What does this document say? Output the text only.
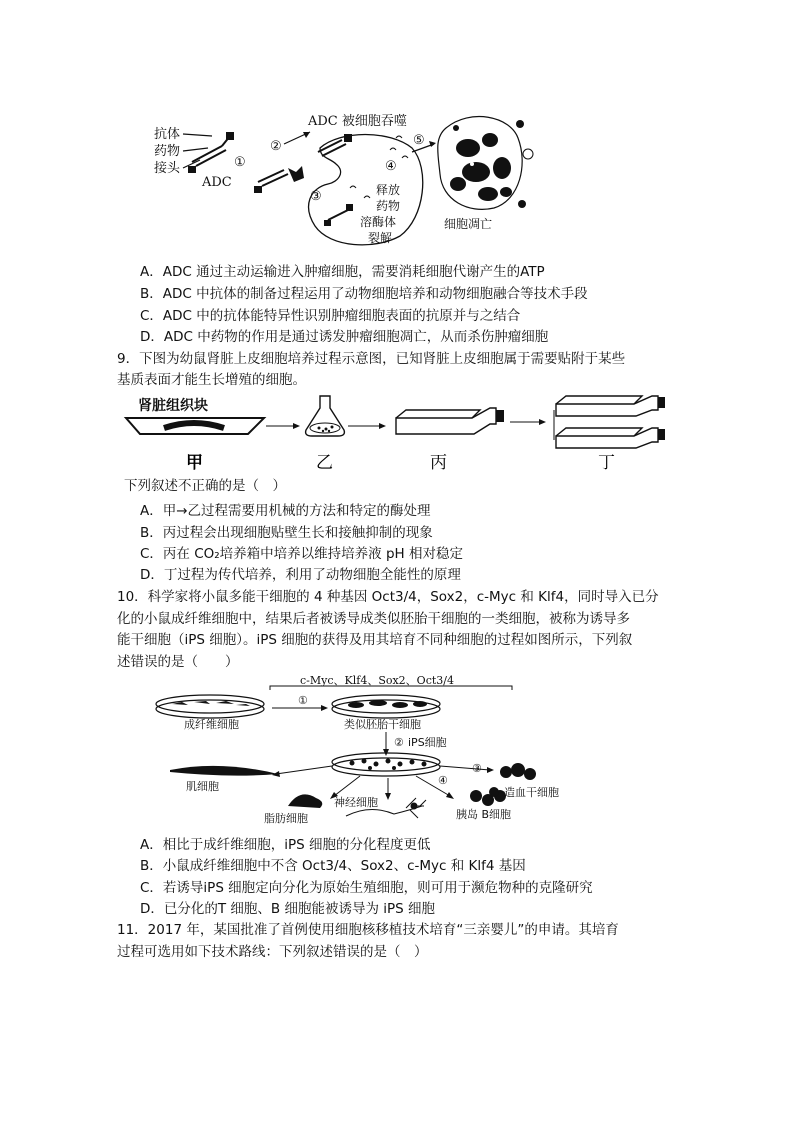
抗体
药物
接头
ADC
①
②
ADC 被细胞吞噬
③
④
释放
药物
溶酶体
裂解
⑤
细胞凋亡
A．ADC 通过主动运输进入肿瘤细胞，需要消耗细胞代谢产生的ATP
B．ADC 中抗体的制备过程运用了动物细胞培养和动物细胞融合等技术手段
C．ADC 中的抗体能特异性识别肿瘤细胞表面的抗原并与之结合
D．ADC 中药物的作用是通过诱发肿瘤细胞凋亡，从而杀伤肿瘤细胞
9．下图为幼鼠肾脏上皮细胞培养过程示意图，已知肾脏上皮细胞属于需要贴附于某些
基质表面才能生长增殖的细胞。
肾脏组织块
甲	乙	丙	丁
下列叙述不正确的是（　）
A．甲→乙过程需要用机械的方法和特定的酶处理
B．丙过程会出现细胞贴壁生长和接触抑制的现象
C．丙在 CO₂培养箱中培养以维持培养液 pH 相对稳定
D．丁过程为传代培养，利用了动物细胞全能性的原理
10．科学家将小鼠多能干细胞的 4 种基因 Oct3/4，Sox2，c-Myc 和 Klf4，同时导入已分
化的小鼠成纤维细胞中，结果后者被诱导成类似胚胎干细胞的一类细胞，被称为诱导多
能干细胞（iPS 细胞）。iPS 细胞的获得及用其培育不同种细胞的过程如图所示，下列叙
述错误的是（　　）
c-Myc、Klf4、Sox2、Oct3/4
成纤维细胞
①
类似胚胎干细胞
② iPS细胞
④
③
肌细胞
脂肪细胞
神经细胞
胰岛 B细胞
造血干细胞
A．相比于成纤维细胞，iPS 细胞的分化程度更低
B．小鼠成纤维细胞中不含 Oct3/4、Sox2、c-Myc 和 Klf4 基因
C．若诱导iPS 细胞定向分化为原始生殖细胞，则可用于濒危物种的克隆研究
D．已分化的T 细胞、B 细胞能被诱导为 iPS 细胞
11．2017 年，某国批准了首例使用细胞核移植技术培育“三亲婴儿”的申请。其培育
过程可选用如下技术路线：下列叙述错误的是（　）
